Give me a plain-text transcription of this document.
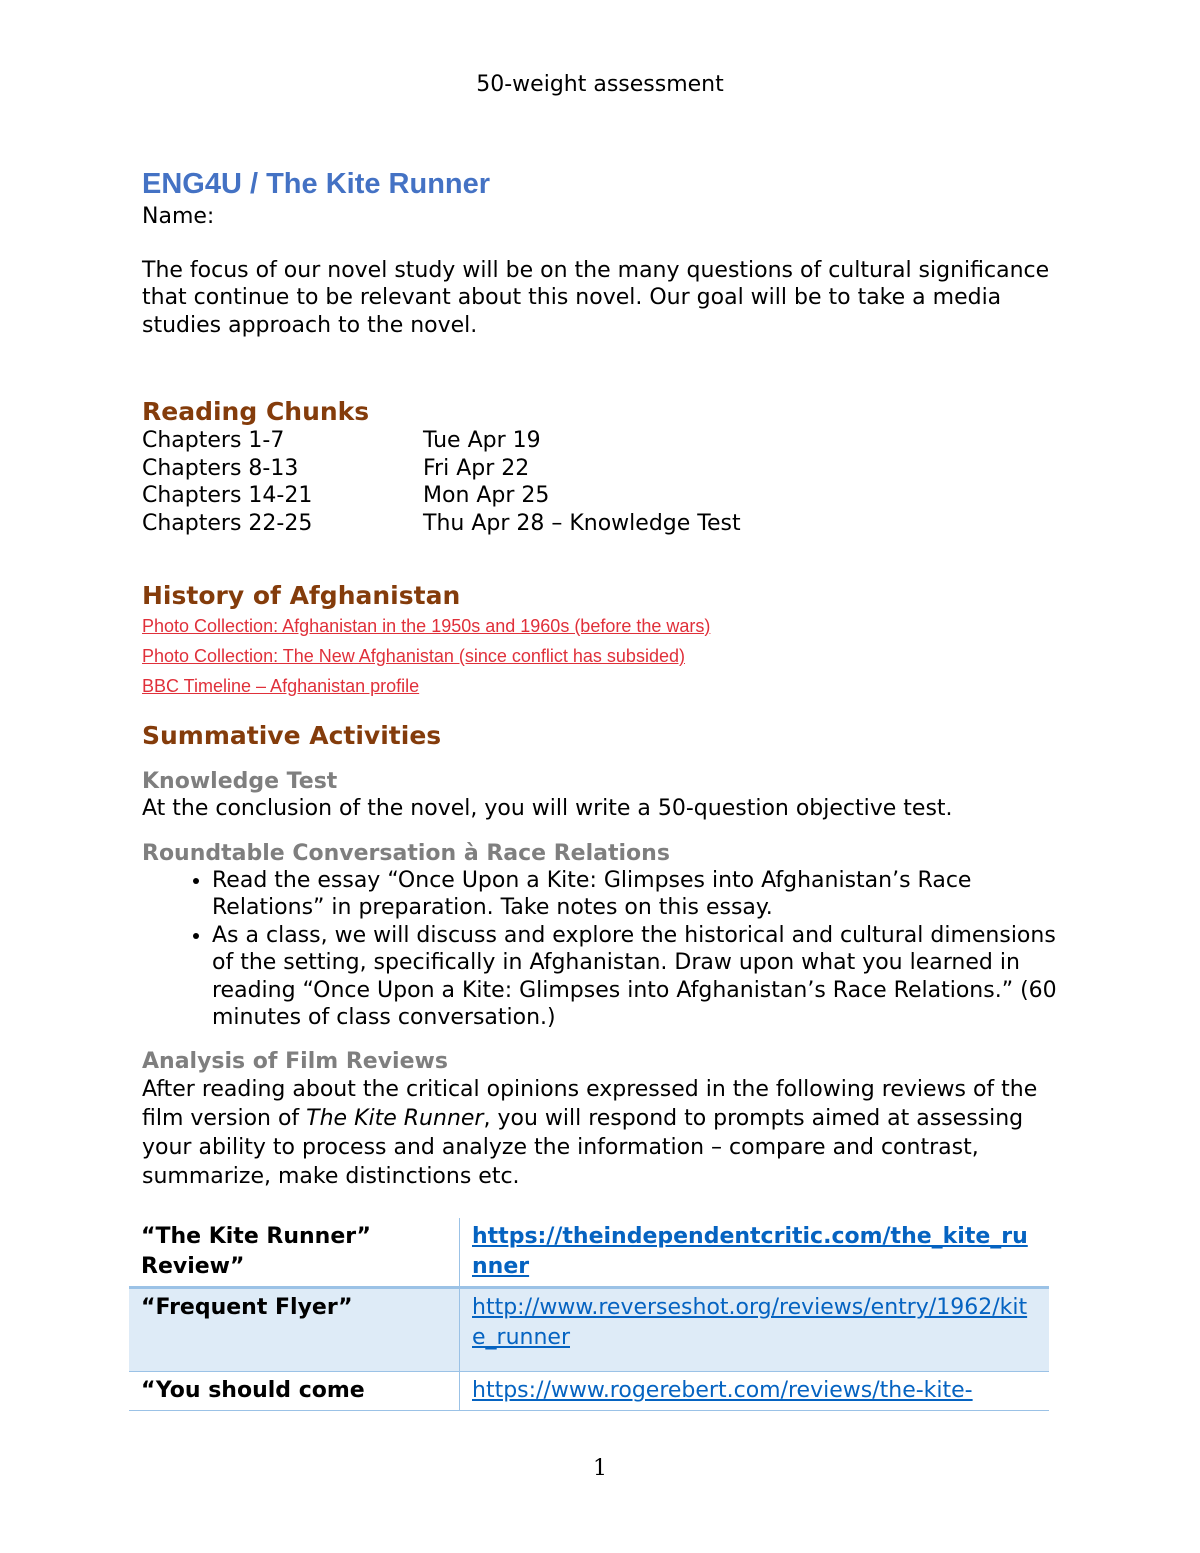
50-weight assessment
ENG4U / The Kite Runner

Name:

The focus of our novel study will be on the many questions of cultural significance that continue to be relevant about this novel. Our goal will be to take a media studies approach to the novel.

Reading Chunks
Chapters 1-7	Tue Apr 19
Chapters 8-13	Fri Apr 22
Chapters 14-21	Mon Apr 25
Chapters 22-25	Thu Apr 28 – Knowledge Test
History of Afghanistan
Photo Collection: Afghanistan in the 1950s and 1960s (before the wars)
Photo Collection: The New Afghanistan (since conflict has subsided)
BBC Timeline – Afghanistan profile
Summative Activities
Knowledge Test

At the conclusion of the novel, you will write a 50-question objective test.

Roundtable Conversation à Race Relations
• Read the essay “Once Upon a Kite: Glimpses into Afghanistan’s Race Relations” in preparation. Take notes on this essay.
• As a class, we will discuss and explore the historical and cultural dimensions of the setting, specifically in Afghanistan. Draw upon what you learned in reading “Once Upon a Kite: Glimpses into Afghanistan’s Race Relations.” (60 minutes of class conversation.)
Analysis of Film Reviews

After reading about the critical opinions expressed in the following reviews of the film version of The Kite Runner, you will respond to prompts aimed at assessing your ability to process and analyze the information – compare and contrast, summarize, make distinctions etc.

“The Kite Runner” Review”	https://theindependentcritic.com/the_kite_runner
“Frequent Flyer”	http://www.reverseshot.org/reviews/entry/1962/kite_runner
“You should come	https://www.rogerebert.com/reviews/the-kite-
1
